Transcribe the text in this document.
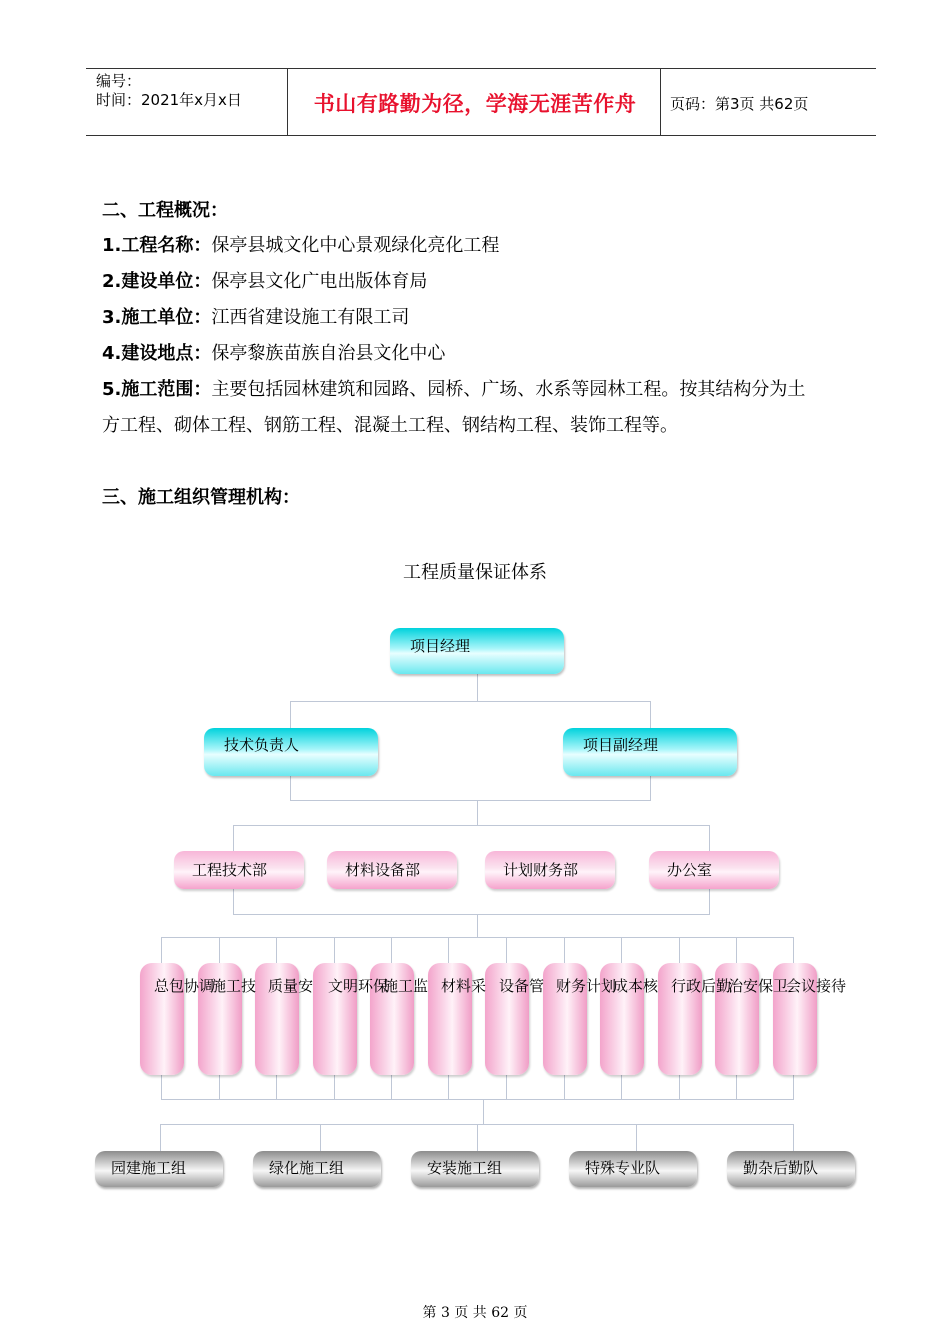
编号：
时间：2021年x月x日	书山有路勤为径，学海无涯苦作舟	页码：第3页 共62页
二、工程概况：
1.工程名称：保亭县城文化中心景观绿化亮化工程
2.建设单位：保亭县文化广电出版体育局
3.施工单位：江西省建设施工有限工司
4.建设地点：保亭黎族苗族自治县文化中心
5.施工范围：主要包括园林建筑和园路、园桥、广场、水系等园林工程。按其结构分为土
方工程、砌体工程、钢筋工程、混凝土工程、钢结构工程、装饰工程等。
三、施工组织管理机构：
工程质量保证体系
项目经理
技术负责人	项目副经理
工程技术部	材料设备部	计划财务部	办公室
总包协调
施工技 质量安 文明环保
施工监 材料采 设备管 财务计划
成本核 行政后勤
治安保卫
会议接待
园建施工组	绿化施工组	安装施工组	特殊专业队	勤杂后勤队
第 3 页 共 62 页
